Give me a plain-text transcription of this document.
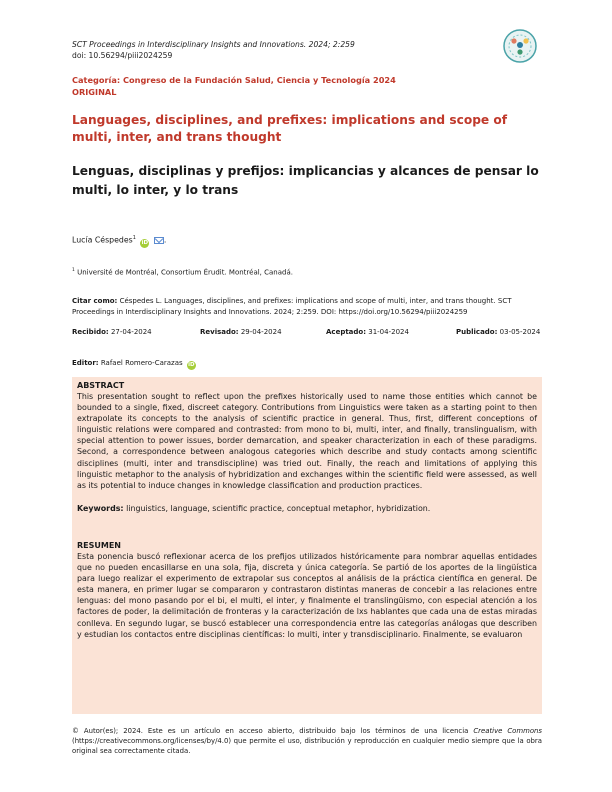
SCT Proceedings in Interdisciplinary Insights and Innovations. 2024; 2:259
doi: 10.56294/piii2024259
Categoría: Congreso de la Fundación Salud, Ciencia y Tecnología 2024
ORIGINAL
Languages, disciplines, and prefixes: implications and scope of multi, inter, and trans thought
Lenguas, disciplinas y prefijos: implicancias y alcances de pensar lo multi, lo inter, y lo trans
Lucía Céspedes$^1$ iD .
$^1$ Université de Montréal, Consortium Érudit. Montréal, Canadá.
Citar como: Céspedes L. Languages, disciplines, and prefixes: implications and scope of multi, inter, and trans thought. SCT Proceedings in Interdisciplinary Insights and Innovations. 2024; 2:259. DOI: https://doi.org/10.56294/piii2024259
Recibido: 27-04-2024	Revisado: 29-04-2024	Aceptado: 31-04-2024	Publicado: 03-05-2024
Editor: Rafael Romero-Carazas iD
ABSTRACT

This presentation sought to reflect upon the prefixes historically used to name those entities which cannot be bounded to a single, fixed, discreet category. Contributions from Linguistics were taken as a starting point to then extrapolate its concepts to the analysis of scientific practice in general. Thus, first, different conceptions of linguistic relations were compared and contrasted: from mono to bi, multi, inter, and finally, translingualism, with special attention to power issues, border demarcation, and speaker characterization in each of these paradigms. Second, a correspondence between analogous categories which describe and study contacts among scientific disciplines (multi, inter and transdiscipline) was tried out. Finally, the reach and limitations of applying this linguistic metaphor to the analysis of hybridization and exchanges within the scientific field were assessed, as well as its potential to induce changes in knowledge classification and production practices.

Keywords: linguistics, language, scientific practice, conceptual metaphor, hybridization.

RESUMEN

Esta ponencia buscó reflexionar acerca de los prefijos utilizados históricamente para nombrar aquellas entidades que no pueden encasillarse en una sola, fija, discreta y única categoría. Se partió de los aportes de la lingüística para luego realizar el experimento de extrapolar sus conceptos al análisis de la práctica científica en general. De esta manera, en primer lugar se compararon y contrastaron distintas maneras de concebir a las relaciones entre lenguas: del mono pasando por el bi, el multi, el inter, y finalmente el translingüismo, con especial atención a los factores de poder, la delimitación de fronteras y la caracterización de lxs hablantes que cada una de estas miradas conlleva. En segundo lugar, se buscó establecer una correspondencia entre las categorías análogas que describen y estudian los contactos entre disciplinas científicas: lo multi, inter y transdisciplinario. Finalmente, se evaluaron

© Autor(es); 2024. Este es un artículo en acceso abierto, distribuido bajo los términos de una licencia Creative Commons (https://creativecommons.org/licenses/by/4.0) que permite el uso, distribución y reproducción en cualquier medio siempre que la obra original sea correctamente citada.
